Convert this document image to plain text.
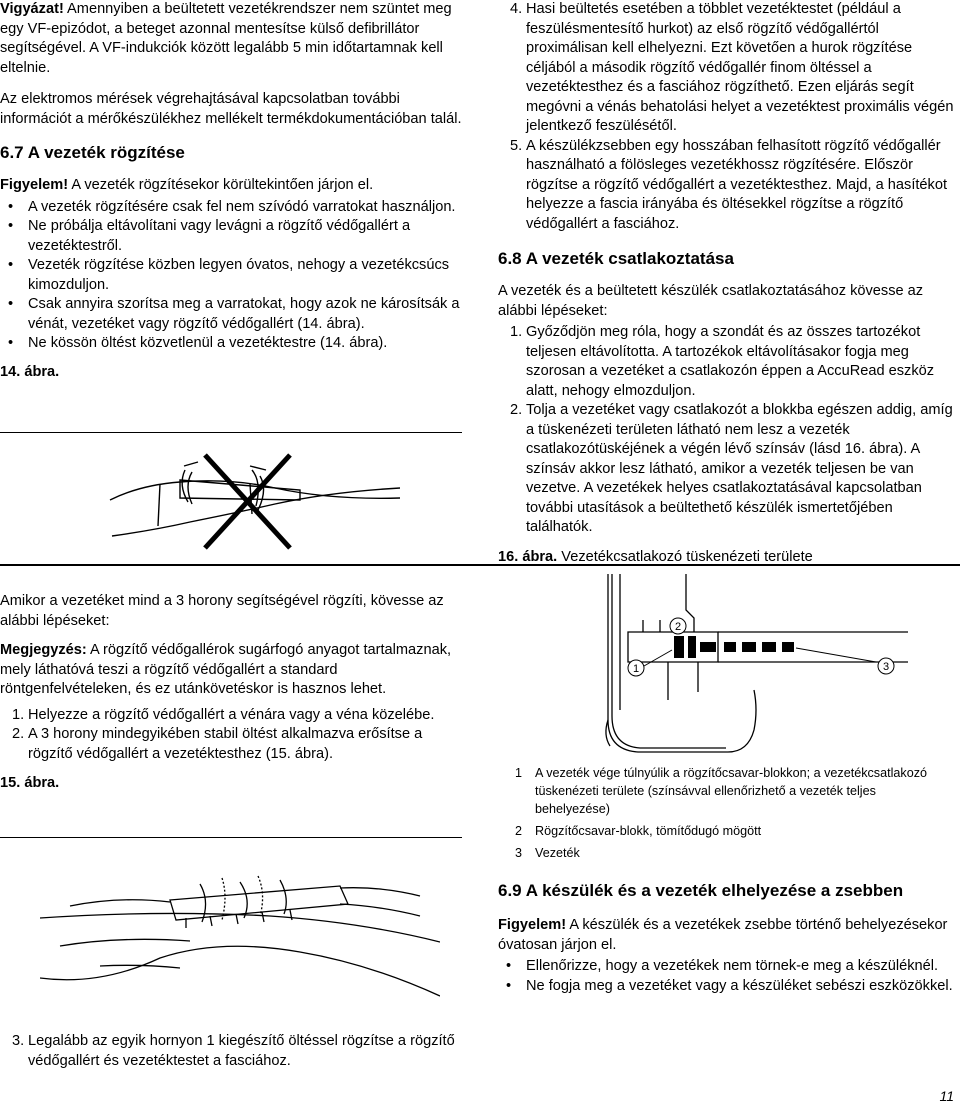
Vigyázat! Amennyiben a beültetett vezetékrendszer nem szüntet meg egy VF-epizódot, a beteget azonnal mentesítse külső defibrillátor segítségével. A VF-indukciók között legalább 5 min időtartamnak kell eltelnie.

Az elektromos mérések végrehajtásával kapcsolatban további információt a mérőkészülékhez mellékelt termékdokumentációban talál.

6.7 A vezeték rögzítése

Figyelem! A vezeték rögzítésekor körültekintően járjon el.

• A vezeték rögzítésére csak fel nem szívódó varratokat használjon.
• Ne próbálja eltávolítani vagy levágni a rögzítő védőgallért a vezetéktestről.
• Vezeték rögzítése közben legyen óvatos, nehogy a vezetékcsúcs kimozduljon.
• Csak annyira szorítsa meg a varratokat, hogy azok ne károsítsák a vénát, vezetéket vagy rögzítő védőgallért (14. ábra).
• Ne kössön öltést közvetlenül a vezetéktestre (14. ábra).

14. ábra.

Amikor a vezetéket mind a 3 horony segítségével rögzíti, kövesse az alábbi lépéseket:

Megjegyzés: A rögzítő védőgallérok sugárfogó anyagot tartalmaznak, mely láthatóvá teszi a rögzítő védőgallért a standard röntgenfelvételeken, és ez utánkövetéskor is hasznos lehet.

1. Helyezze a rögzítő védőgallért a vénára vagy a véna közelébe.
2. A 3 horony mindegyikében stabil öltést alkalmazva erősítse a rögzítő védőgallért a vezetéktesthez (15. ábra).

15. ábra.

3. Legalább az egyik hornyon 1 kiegészítő öltéssel rögzítse a rögzítő védőgallért és vezetéktestet a fasciához.
4. Hasi beültetés esetében a többlet vezetéktestet (például a feszülésmentesítő hurkot) az első rögzítő védőgallértól proximálisan kell elhelyezni. Ezt követően a hurok rögzítése céljából a második rögzítő védőgallér finom öltéssel a vezetéktesthez és a fasciához rögzíthető. Ezen eljárás segít megóvni a vénás behatolási helyet a vezetéktest proximális végén jelentkező feszülésétől.
5. A készülékzsebben egy hosszában felhasított rögzítő védőgallér használható a fölösleges vezetékhossz rögzítésére. Először rögzítse a rögzítő védőgallért a vezetéktesthez. Majd, a hasítékot helyezze a fascia irányába és öltésekkel rögzítse a rögzítő védőgallért a fasciához.
6.8 A vezeték csatlakoztatása

A vezeték és a beültetett készülék csatlakoztatásához kövesse az alábbi lépéseket:

1. Győződjön meg róla, hogy a szondát és az összes tartozékot teljesen eltávolította. A tartozékok eltávolításakor fogja meg szorosan a vezetéket a csatlakozón éppen a AccuRead eszköz alatt, nehogy elmozduljon.
2. Tolja a vezetéket vagy csatlakozót a blokkba egészen addig, amíg a tüskenézeti területen látható nem lesz a vezeték csatlakozótüskéjének a végén lévő színsáv (lásd 16. ábra). A színsáv akkor lesz látható, amikor a vezeték teljesen be van vezetve. A vezetékek helyes csatlakoztatásával kapcsolatban további utasítások a beültethető készülék ismertetőjében találhatók.

16. ábra. Vezetékcsatlakozó tüskenézeti területe

1
2
3
1 A vezeték vége túlnyúlik a rögzítőcsavar-blokkon; a vezetékcsatlakozó tüskenézeti területe (színsávval ellenőrizhető a vezeték teljes behelyezése)
2 Rögzítőcsavar-blokk, tömítődugó mögött
3 Vezeték
6.9 A készülék és a vezeték elhelyezése a zsebben

Figyelem! A készülék és a vezetékek zsebbe történő behelyezésekor óvatosan járjon el.

• Ellenőrizze, hogy a vezetékek nem törnek-e meg a készüléknél.
• Ne fogja meg a vezetéket vagy a készüléket sebészi eszközökkel.
11
